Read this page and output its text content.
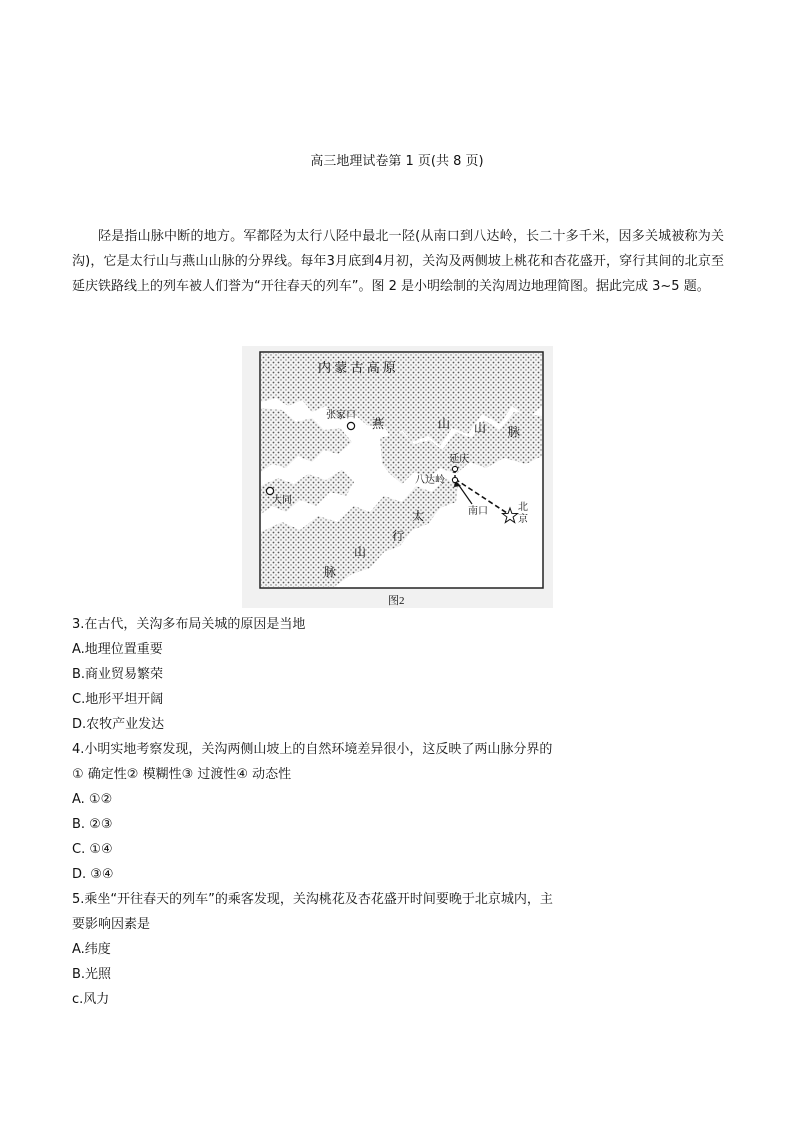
高三地理试卷第 1 页(共 8 页)
陉是指山脉中断的地方。军都陉为太行八陉中最北一陉(从南口到八达岭，长二十多千米，因多关城被称为关沟)，它是太行山与燕山山脉的分界线。每年3月底到4月初，关沟及两侧坡上桃花和杏花盛开，穿行其间的北京至延庆铁路线上的列车被人们誉为“开往春天的列车”。图 2 是小明绘制的关沟周边地理简图。据此完成 3~5 题。
内 蒙 古 高 原
张家口
燕	山 山 脉
延庆
八达岭
大同
南口	北
京
太
行
山
脉
图2
3.在古代，关沟多布局关城的原因是当地
A.地理位置重要
B.商业贸易繁荣
C.地形平坦开阔
D.农牧产业发达
4.小明实地考察发现，关沟两侧山坡上的自然环境差异很小，这反映了两山脉分界的
① 确定性② 模糊性③ 过渡性④ 动态性
A. ①②
B. ②③
C. ①④
D. ③④
5.乘坐“开往春天的列车”的乘客发现，关沟桃花及杏花盛开时间要晚于北京城内，主
要影响因素是
A.纬度
B.光照
c.风力
